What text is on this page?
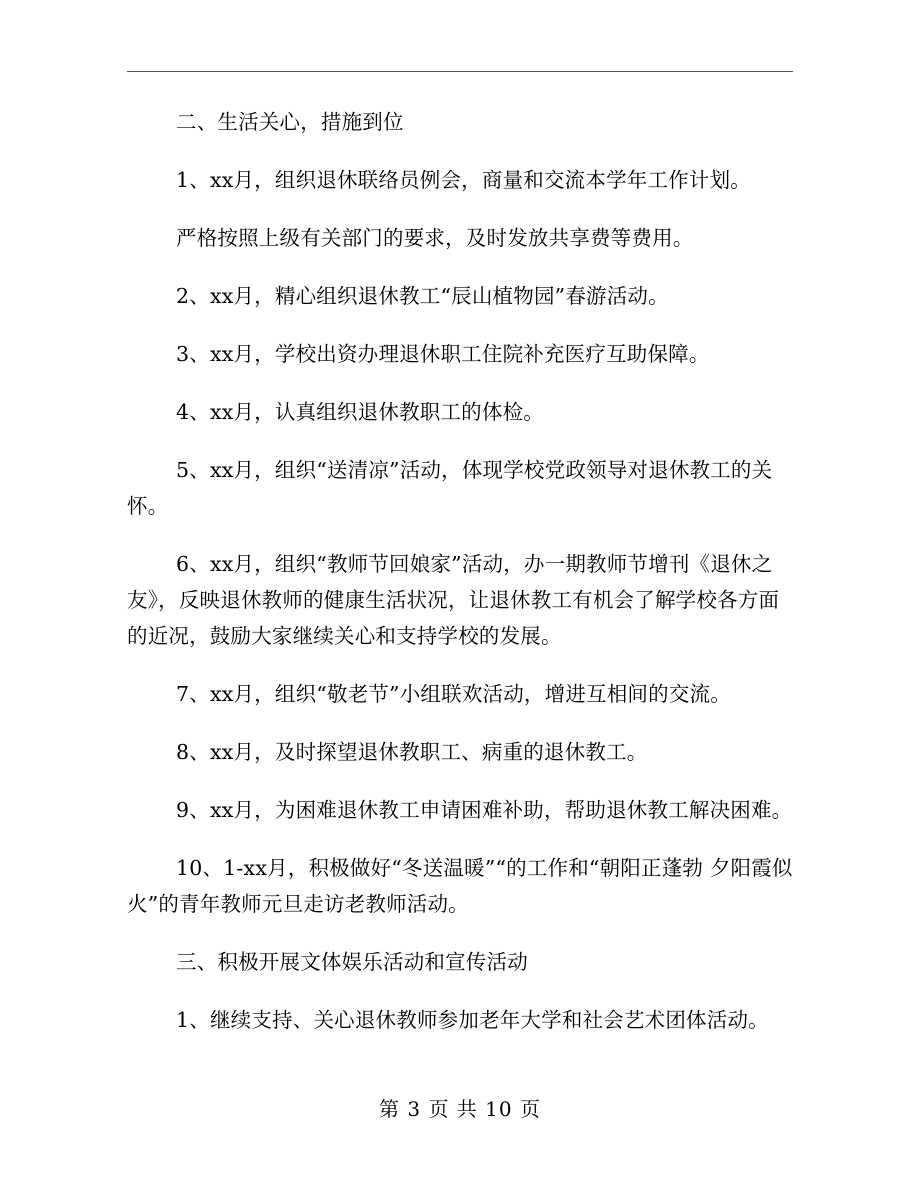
二、生活关心，措施到位

1、xx月，组织退休联络员例会，商量和交流本学年工作计划。

严格按照上级有关部门的要求，及时发放共享费等费用。

2、xx月，精心组织退休教工“辰山植物园”春游活动。

3、xx月，学校出资办理退休职工住院补充医疗互助保障。

4、xx月，认真组织退休教职工的体检。

5、xx月，组织“送清凉”活动，体现学校党政领导对退休教工的关怀。

6、xx月，组织“教师节回娘家”活动，办一期教师节增刊《退休之友》，反映退休教师的健康生活状况，让退休教工有机会了解学校各方面的近况，鼓励大家继续关心和支持学校的发展。

7、xx月，组织“敬老节”小组联欢活动，增进互相间的交流。

8、xx月，及时探望退休教职工、病重的退休教工。

9、xx月，为困难退休教工申请困难补助，帮助退休教工解决困难。

10、1-xx月，积极做好“冬送温暖”“的工作和“朝阳正蓬勃 夕阳霞似火”的青年教师元旦走访老教师活动。

三、积极开展文体娱乐活动和宣传活动

1、继续支持、关心退休教师参加老年大学和社会艺术团体活动。

第 3 页 共 10 页
